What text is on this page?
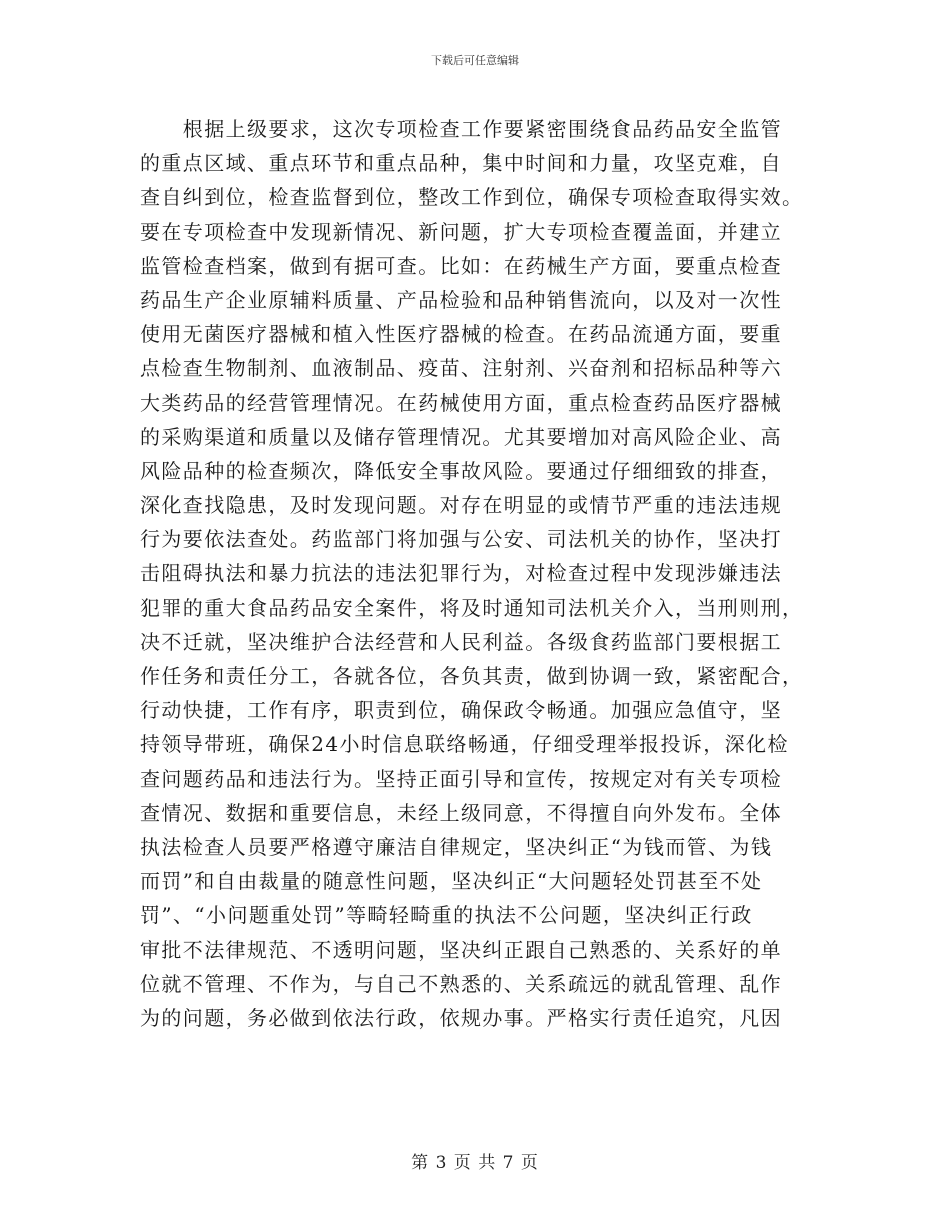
下载后可任意编辑
　　根据上级要求，这次专项检查工作要紧密围绕食品药品安全监管
的重点区域、重点环节和重点品种，集中时间和力量，攻坚克难，自
查自纠到位，检查监督到位，整改工作到位，确保专项检查取得实效。
要在专项检查中发现新情况、新问题，扩大专项检查覆盖面，并建立
监管检查档案，做到有据可查。比如：在药械生产方面，要重点检查
药品生产企业原辅料质量、产品检验和品种销售流向，以及对一次性
使用无菌医疗器械和植入性医疗器械的检查。在药品流通方面，要重
点检查生物制剂、血液制品、疫苗、注射剂、兴奋剂和招标品种等六
大类药品的经营管理情况。在药械使用方面，重点检查药品医疗器械
的采购渠道和质量以及储存管理情况。尤其要增加对高风险企业、高
风险品种的检查频次，降低安全事故风险。要通过仔细细致的排查，
深化查找隐患，及时发现问题。对存在明显的或情节严重的违法违规
行为要依法查处。药监部门将加强与公安、司法机关的协作，坚决打
击阻碍执法和暴力抗法的违法犯罪行为，对检查过程中发现涉嫌违法
犯罪的重大食品药品安全案件，将及时通知司法机关介入，当刑则刑，
决不迁就，坚决维护合法经营和人民利益。各级食药监部门要根据工
作任务和责任分工，各就各位，各负其责，做到协调一致，紧密配合，
行动快捷，工作有序，职责到位，确保政令畅通。加强应急值守，坚
持领导带班，确保24小时信息联络畅通，仔细受理举报投诉，深化检
查问题药品和违法行为。坚持正面引导和宣传，按规定对有关专项检
查情况、数据和重要信息，未经上级同意，不得擅自向外发布。全体
执法检查人员要严格遵守廉洁自律规定，坚决纠正“为钱而管、为钱
而罚”和自由裁量的随意性问题，坚决纠正“大问题轻处罚甚至不处
罚”、“小问题重处罚”等畸轻畸重的执法不公问题，坚决纠正行政
审批不法律规范、不透明问题，坚决纠正跟自己熟悉的、关系好的单
位就不管理、不作为，与自己不熟悉的、关系疏远的就乱管理、乱作
为的问题，务必做到依法行政，依规办事。严格实行责任追究，凡因
第 3 页 共 7 页
